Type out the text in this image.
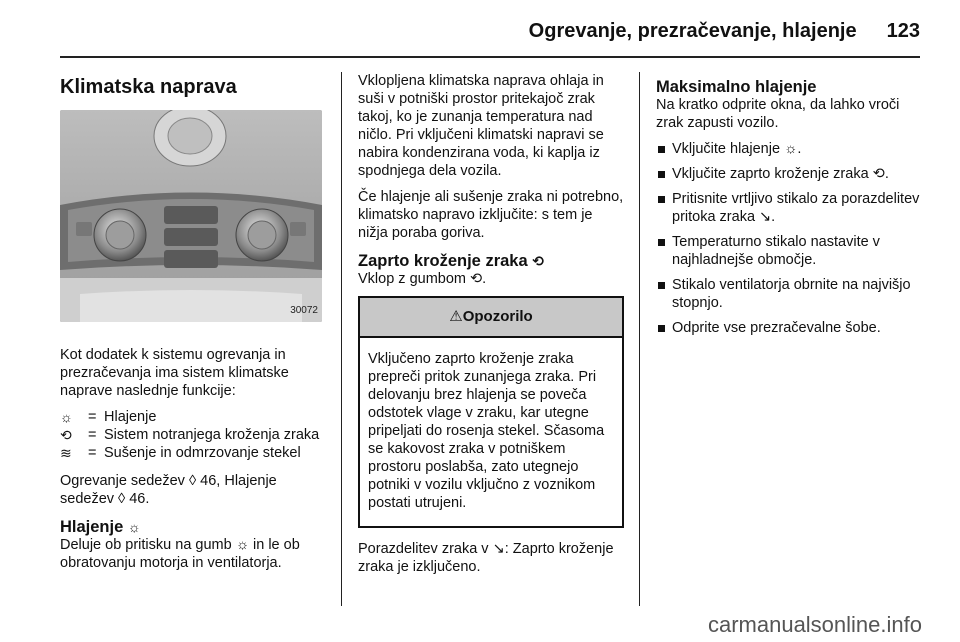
Ogrevanje, prezračevanje, hlajenje 123
Klimatska naprava
30072

Kot dodatek k sistemu ogrevanja in prezračevanja ima sistem klimatske naprave naslednje funkcije:

☼	= Hlajenje
⟲	= Sistem notranjega kroženja zraka
≋	= Sušenje in odmrzovanje stekel

Ogrevanje sedežev ◊ 46, Hlajenje sedežev ◊ 46.

Hlajenje ☼

Deluje ob pritisku na gumb ☼ in le ob obratovanju motorja in ventilatorja.

Vklopljena klimatska naprava ohlaja in suši v potniški prostor pritekajoč zrak takoj, ko je zunanja temperatura nad ničlo. Pri vključeni klimatski napravi se nabira kondenzirana voda, ki kaplja iz spodnjega dela vozila.

Če hlajenje ali sušenje zraka ni potrebno, klimatsko napravo izključite: s tem je nižja poraba goriva.

Zaprto kroženje zraka ⟲

Vklop z gumbom ⟲.

⚠Opozorilo
Vključeno zaprto kroženje zraka prepreči pritok zunanjega zraka. Pri delovanju brez hlajenja se poveča odstotek vlage v zraku, kar utegne pripeljati do rosenja stekel. Sčasoma se kakovost zraka v potniškem prostoru poslabša, zato utegnejo potniki v vozilu vključno z voznikom postati utrujeni.

Porazdelitev zraka v ↘: Zaprto kroženje zraka je izključeno.

Maksimalno hlajenje

Na kratko odprite okna, da lahko vroči zrak zapusti vozilo.

Vključite hlajenje ☼.
Vključite zaprto kroženje zraka ⟲.
Pritisnite vrtljivo stikalo za porazdelitev pritoka zraka ↘.
Temperaturno stikalo nastavite v najhladnejše območje.
Stikalo ventilatorja obrnite na najvišjo stopnjo.
Odprite vse prezračevalne šobe.
carmanualsonline.info
